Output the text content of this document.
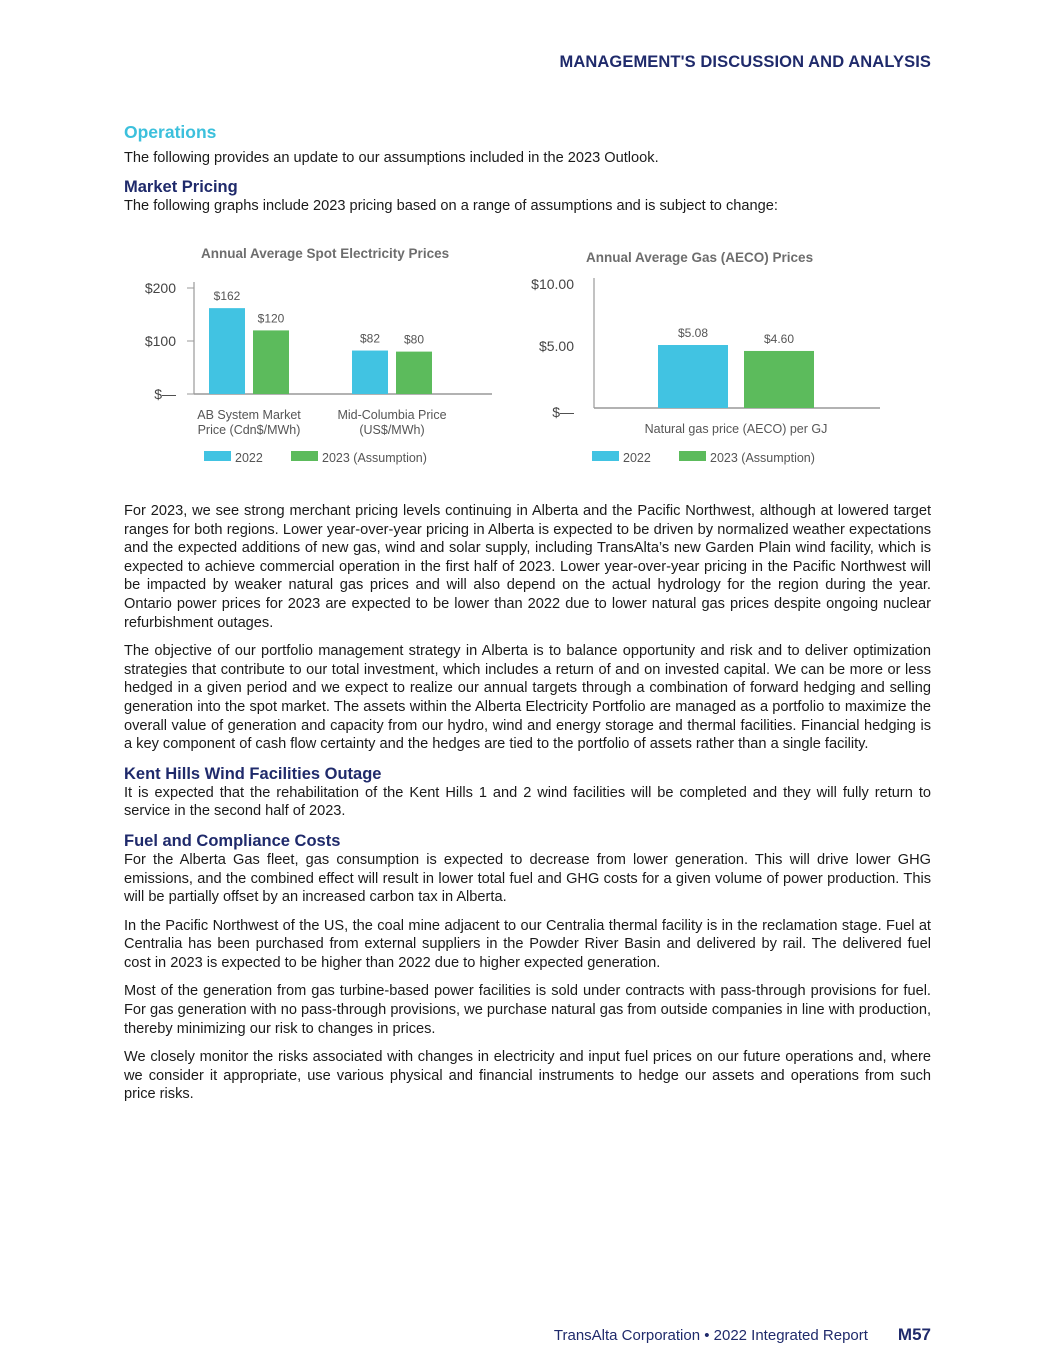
MANAGEMENT'S DISCUSSION AND ANALYSIS
Operations

The following provides an update to our assumptions included in the 2023 Outlook.

Market Pricing

The following graphs include 2023 pricing based on a range of assumptions and is subject to change:

Annual Average Spot Electricity Prices
$200
$100
$—
$162
$120
AB System Market
Price (Cdn$/MWh)
$82 $80
Mid-Columbia Price
(US$/MWh)
2022	2023 (Assumption)
Annual Average Gas (AECO) Prices
$10.00
$5.00
$—
$5.08	$4.60
Natural gas price (AECO) per GJ
2022	2023 (Assumption)

For 2023, we see strong merchant pricing levels continuing in Alberta and the Pacific Northwest, although at lowered target ranges for both regions. Lower year-over-year pricing in Alberta is expected to be driven by normalized weather expectations and the expected additions of new gas, wind and solar supply, including TransAlta’s new Garden Plain wind facility, which is expected to achieve commercial operation in the first half of 2023. Lower year-over-year pricing in the Pacific Northwest will be impacted by weaker natural gas prices and will also depend on the actual hydrology for the region during the year. Ontario power prices for 2023 are expected to be lower than 2022 due to lower natural gas prices despite ongoing nuclear refurbishment outages.

The objective of our portfolio management strategy in Alberta is to balance opportunity and risk and to deliver optimization strategies that contribute to our total investment, which includes a return of and on invested capital. We can be more or less hedged in a given period and we expect to realize our annual targets through a combination of forward hedging and selling generation into the spot market. The assets within the Alberta Electricity Portfolio are managed as a portfolio to maximize the overall value of generation and capacity from our hydro, wind and energy storage and thermal facilities. Financial hedging is a key component of cash flow certainty and the hedges are tied to the portfolio of assets rather than a single facility.

Kent Hills Wind Facilities Outage

It is expected that the rehabilitation of the Kent Hills 1 and 2 wind facilities will be completed and they will fully return to service in the second half of 2023.

Fuel and Compliance Costs

For the Alberta Gas fleet, gas consumption is expected to decrease from lower generation. This will drive lower GHG emissions, and the combined effect will result in lower total fuel and GHG costs for a given volume of power production. This will be partially offset by an increased carbon tax in Alberta.

In the Pacific Northwest of the US, the coal mine adjacent to our Centralia thermal facility is in the reclamation stage. Fuel at Centralia has been purchased from external suppliers in the Powder River Basin and delivered by rail. The delivered fuel cost in 2023 is expected to be higher than 2022 due to higher expected generation.

Most of the generation from gas turbine-based power facilities is sold under contracts with pass-through provisions for fuel. For gas generation with no pass-through provisions, we purchase natural gas from outside companies in line with production, thereby minimizing our risk to changes in prices.

We closely monitor the risks associated with changes in electricity and input fuel prices on our future operations and, where we consider it appropriate, use various physical and financial instruments to hedge our assets and operations from such price risks.

TransAlta Corporation • 2022 Integrated Report M57
